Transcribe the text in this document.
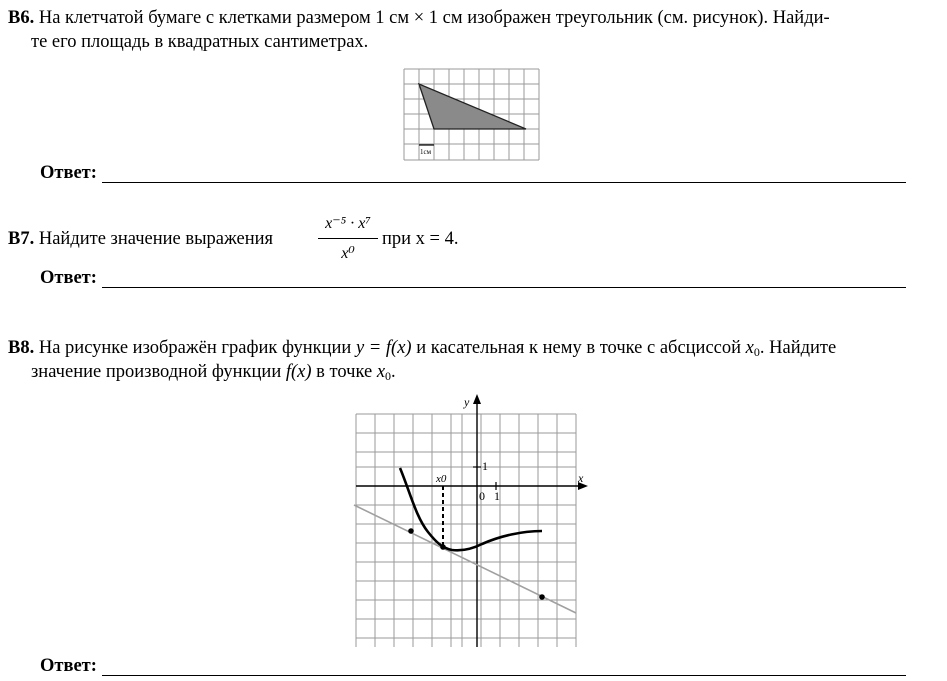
B6. На клетчатой бумаге с клетками размером 1 см × 1 см изображен треугольник (см. рисунок). Найди-
те его площадь в квадратных сантиметрах.
1см
Ответ:
B7. Найдите значение выражения
x⁻⁵ · x⁷
x⁰
при x = 4.
Ответ:
B8. На рисунке изображён график функции y = f(x) и касательная к нему в точке с абсциссой $x_0$. Найдите
значение производной функции f(x) в точке $x_0$.
y
x
1
0 1
x0
Ответ:
